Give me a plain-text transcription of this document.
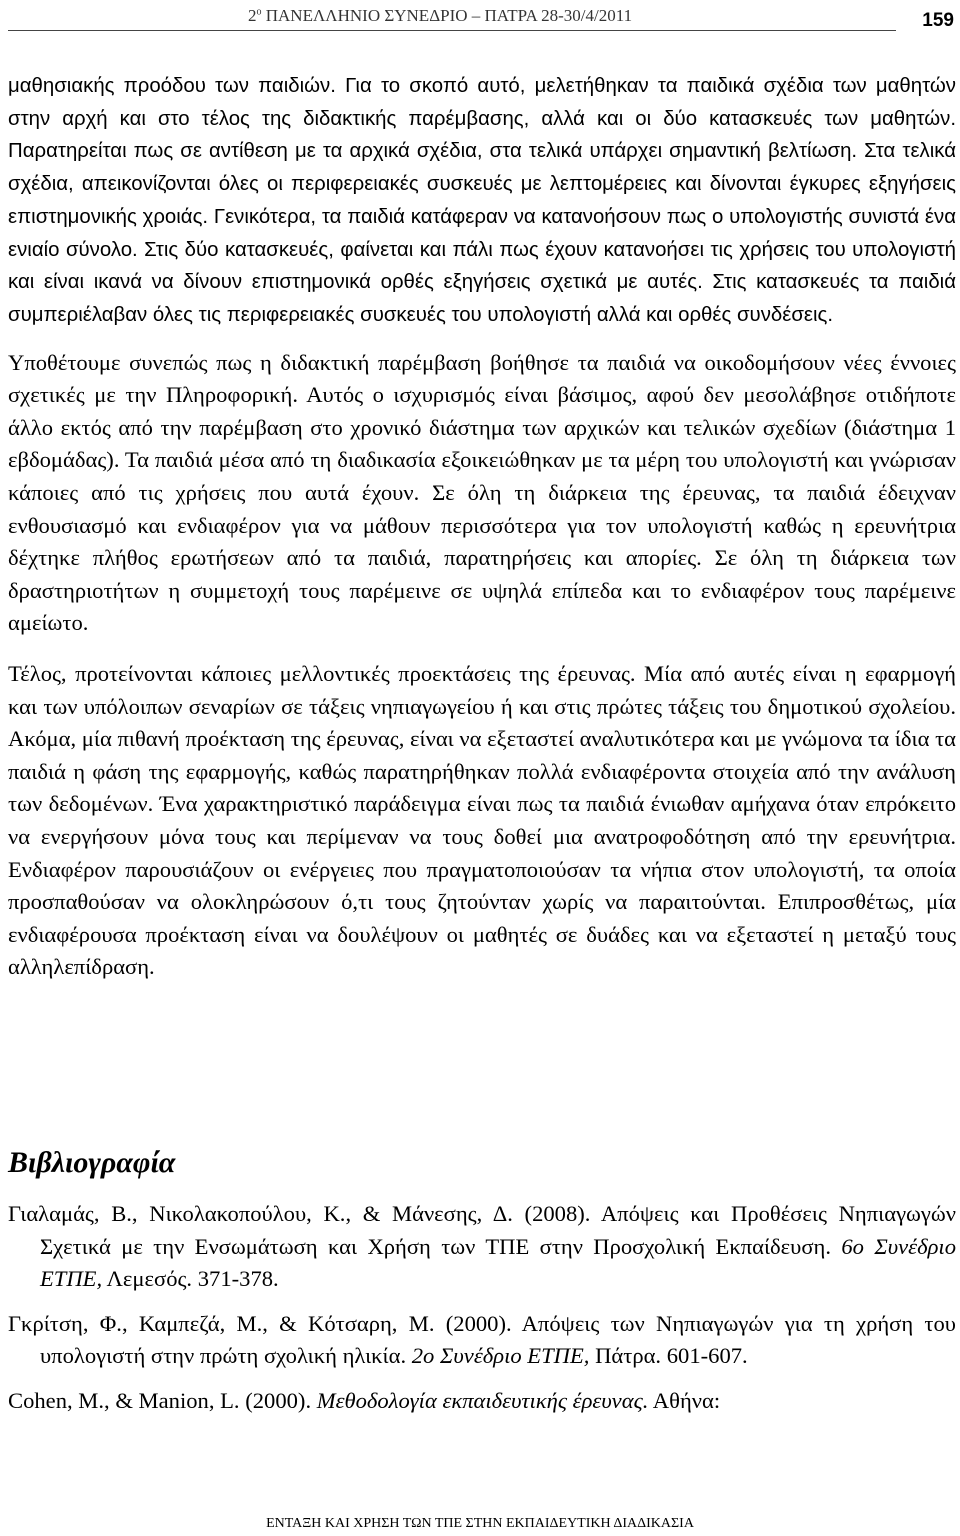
$2^o$ ΠΑΝΕΛΛΗΝΙΟ ΣΥΝΕΔΡΙΟ – ΠΑΤΡΑ 28-30/4/2011	159

μαθησιακής προόδου των παιδιών. Για το σκοπό αυτό, μελετήθηκαν τα παιδικά σχέδια των μαθητών στην αρχή και στο τέλος της διδακτικής παρέμβασης, αλλά και οι δύο κατασκευές των μαθητών. Παρατηρείται πως σε αντίθεση με τα αρχικά σχέδια, στα τελικά υπάρχει σημαντική βελτίωση. Στα τελικά σχέδια, απεικονίζονται όλες οι περιφερειακές συσκευές με λεπτομέρειες και δίνονται έγκυρες εξηγήσεις επιστημονικής χροιάς. Γενικότερα, τα παιδιά κατάφεραν να κατανοήσουν πως ο υπολογιστής συνιστά ένα ενιαίο σύνολο. Στις δύο κατασκευές, φαίνεται και πάλι πως έχουν κατανοήσει τις χρήσεις του υπολογιστή και είναι ικανά να δίνουν επιστημονικά ορθές εξηγήσεις σχετικά με αυτές. Στις κατασκευές τα παιδιά συμπεριέλαβαν όλες τις περιφερειακές συσκευές του υπολογιστή αλλά και ορθές συνδέσεις.

Υποθέτουμε συνεπώς πως η διδακτική παρέμβαση βοήθησε τα παιδιά να οικοδομήσουν νέες έννοιες σχετικές με την Πληροφορική. Αυτός ο ισχυρισμός είναι βάσιμος, αφού δεν μεσολάβησε οτιδήποτε άλλο εκτός από την παρέμβαση στο χρονικό διάστημα των αρχικών και τελικών σχεδίων (διάστημα 1 εβδομάδας). Τα παιδιά μέσα από τη διαδικασία εξοικειώθηκαν με τα μέρη του υπολογιστή και γνώρισαν κάποιες από τις χρήσεις που αυτά έχουν. Σε όλη τη διάρκεια της έρευνας, τα παιδιά έδειχναν ενθουσιασμό και ενδιαφέρον για να μάθουν περισσότερα για τον υπολογιστή καθώς η ερευνήτρια δέχτηκε πλήθος ερωτήσεων από τα παιδιά, παρατηρήσεις και απορίες. Σε όλη τη διάρκεια των δραστηριοτήτων η συμμετοχή τους παρέμεινε σε υψηλά επίπεδα και το ενδιαφέρον τους παρέμεινε αμείωτο.

Τέλος, προτείνονται κάποιες μελλοντικές προεκτάσεις της έρευνας. Μία από αυτές είναι η εφαρμογή και των υπόλοιπων σεναρίων σε τάξεις νηπιαγωγείου ή και στις πρώτες τάξεις του δημοτικού σχολείου. Ακόμα, μία πιθανή προέκταση της έρευνας, είναι να εξεταστεί αναλυτικότερα και με γνώμονα τα ίδια τα παιδιά η φάση της εφαρμογής, καθώς παρατηρήθηκαν πολλά ενδιαφέροντα στοιχεία από την ανάλυση των δεδομένων. Ένα χαρακτηριστικό παράδειγμα είναι πως τα παιδιά ένιωθαν αμήχανα όταν επρόκειτο να ενεργήσουν μόνα τους και περίμεναν να τους δοθεί μια ανατροφοδότηση από την ερευνήτρια. Ενδιαφέρον παρουσιάζουν οι ενέργειες που πραγματοποιούσαν τα νήπια στον υπολογιστή, τα οποία προσπαθούσαν να ολοκληρώσουν ό,τι τους ζητούνταν χωρίς να παραιτούνται. Επιπροσθέτως, μία ενδιαφέρουσα προέκταση είναι να δουλέψουν οι μαθητές σε δυάδες και να εξεταστεί η μεταξύ τους αλληλεπίδραση.

Βιβλιογραφία

Γιαλαμάς, Β., Νικολακοπούλου, Κ., & Μάνεσης, Δ. (2008). Απόψεις και Προθέσεις Νηπιαγωγών Σχετικά με την Ενσωμάτωση και Χρήση των ΤΠΕ στην Προσχολική Εκπαίδευση. 6ο Συνέδριο ΕΤΠΕ, Λεμεσός. 371-378.

Γκρίτση, Φ., Καμπεζά, Μ., & Κότσαρη, Μ. (2000). Απόψεις των Νηπιαγωγών για τη χρήση του υπολογιστή στην πρώτη σχολική ηλικία. 2ο Συνέδριο ΕΤΠΕ, Πάτρα. 601-607.

Cohen, M., & Manion, L. (2000). Μεθοδολογία εκπαιδευτικής έρευνας. Αθήνα:

ΕΝΤΑΞΗ ΚΑΙ ΧΡΗΣΗ ΤΩΝ ΤΠΕ ΣΤΗΝ ΕΚΠΑΙΔΕΥΤΙΚΗ ΔΙΑΔΙΚΑΣΙΑ
